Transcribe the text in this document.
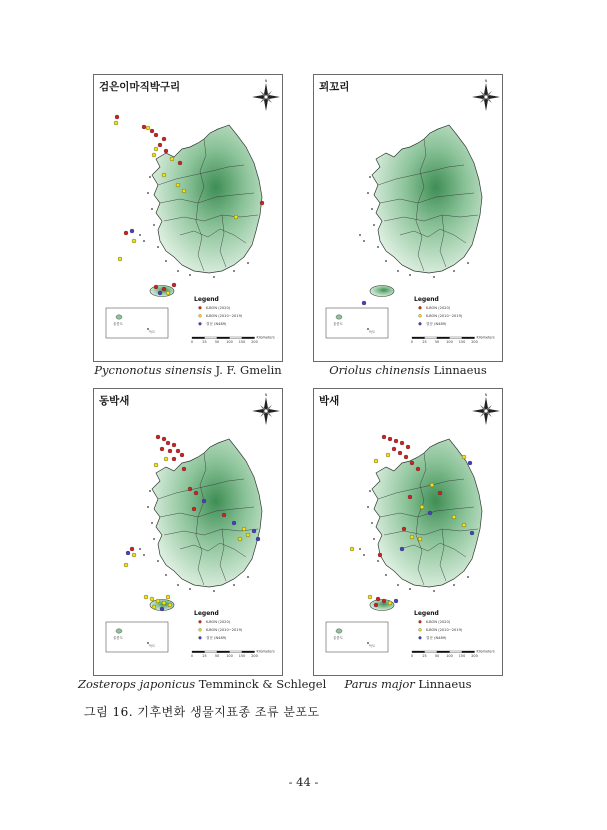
검은이마직박구리	N
울릉도
독도
Legend
K-BON (2020)
K-BON (2010~2019)
결문 (N489)
0	25 50 100 150 200
Kilometers
꾀꼬리	N
울릉도
독도
Legend
K-BON (2020)
K-BON (2010~2019)
결문 (N489)
0	25 50 100 150 200
Kilometers
동박새	N
울릉도
독도
Legend
K-BON (2020)
K-BON (2010~2019)
결문 (N489)
0	25 50 100 150 200
Kilometers
박새	N
울릉도
독도
Legend
K-BON (2020)
K-BON (2010~2019)
결문 (N489)
0	25 50 100 150 200
Kilometers
Pycnonotus sinensis J. F. Gmelin	Oriolus chinensis Linnaeus
Zosterops japonicus Temminck & Schlegel	Parus major Linnaeus
그림 16. 기후변화 생물지표종 조류 분포도
- 44 -
